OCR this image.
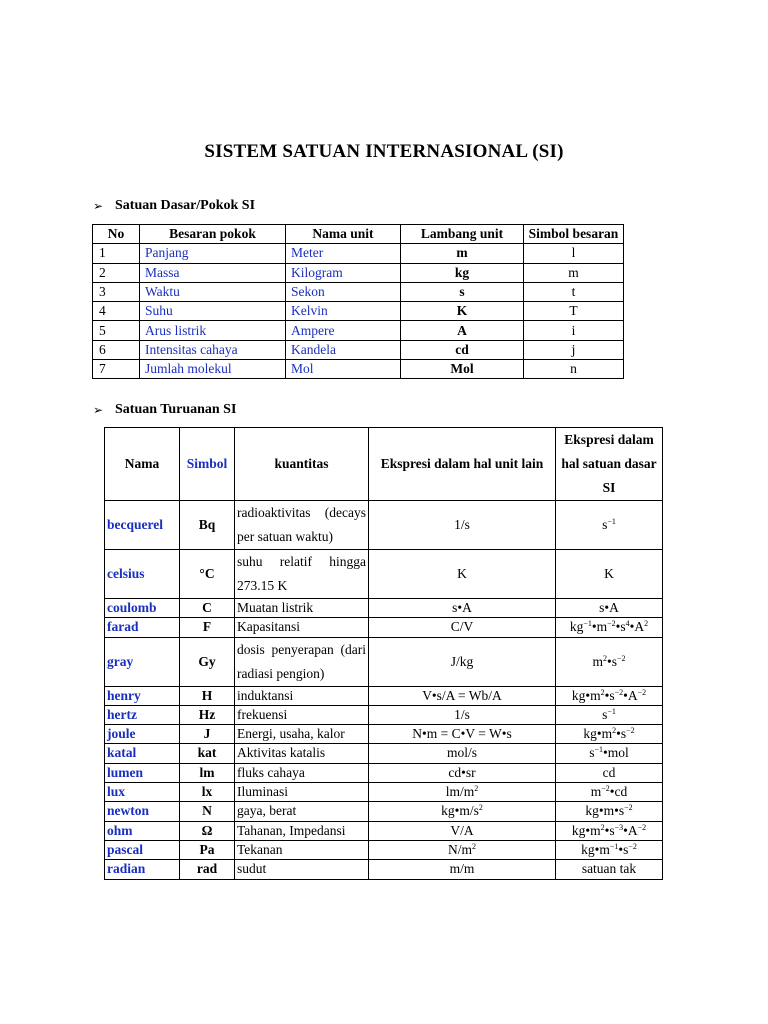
SISTEM SATUAN INTERNASIONAL (SI)
➢ Satuan Dasar/Pokok SI
No	Besaran pokok	Nama unit	Lambang unit	Simbol besaran
1	Panjang	Meter	m	l
2	Massa	Kilogram	kg	m
3	Waktu	Sekon	s	t
4	Suhu	Kelvin	K	T
5	Arus listrik	Ampere	A	i
6	Intensitas cahaya	Kandela	cd	j
7	Jumlah molekul	Mol	Mol	n
➢ Satuan Turuanan SI
Nama	Simbol	kuantitas	Ekspresi dalam hal unit lain	Ekspresi dalam hal satuan dasar SI
becquerel	Bq	radioaktivitas (decays per satuan waktu)	1/s	$s^{-1}$
celsius	°C	suhu relatif hingga 273.15 K	K	K
coulomb	C	Muatan listrik	s•A	s•A
farad	F	Kapasitansi	C/V	$kg^{-1}•m^{-2}•s^4•A^2$
gray	Gy	dosis penyerapan (dari radiasi pengion)	J/kg	$m^2•s^{-2}$
henry	H	induktansi	V•s/A = Wb/A	$kg•m^2•s^{-2}•A^{-2}$
hertz	Hz	frekuensi	1/s	$s^{-1}$
joule	J	Energi, usaha, kalor	N•m = C•V = W•s	$kg•m^2•s^{-2}$
katal	kat	Aktivitas katalis	mol/s	$s^{-1}•mol$
lumen	lm	fluks cahaya	cd•sr	cd
lux	lx	Iluminasi	$lm/m^2$	$m^{-2}•cd$
newton	N	gaya, berat	$kg•m/s^2$	$kg•m•s^{-2}$
ohm	Ω	Tahanan, Impedansi	V/A	$kg•m^2•s^{-3}•A^{-2}$
pascal	Pa	Tekanan	$N/m^2$	$kg•m^{-1}•s^{-2}$
radian	rad	sudut	m/m	satuan tak
